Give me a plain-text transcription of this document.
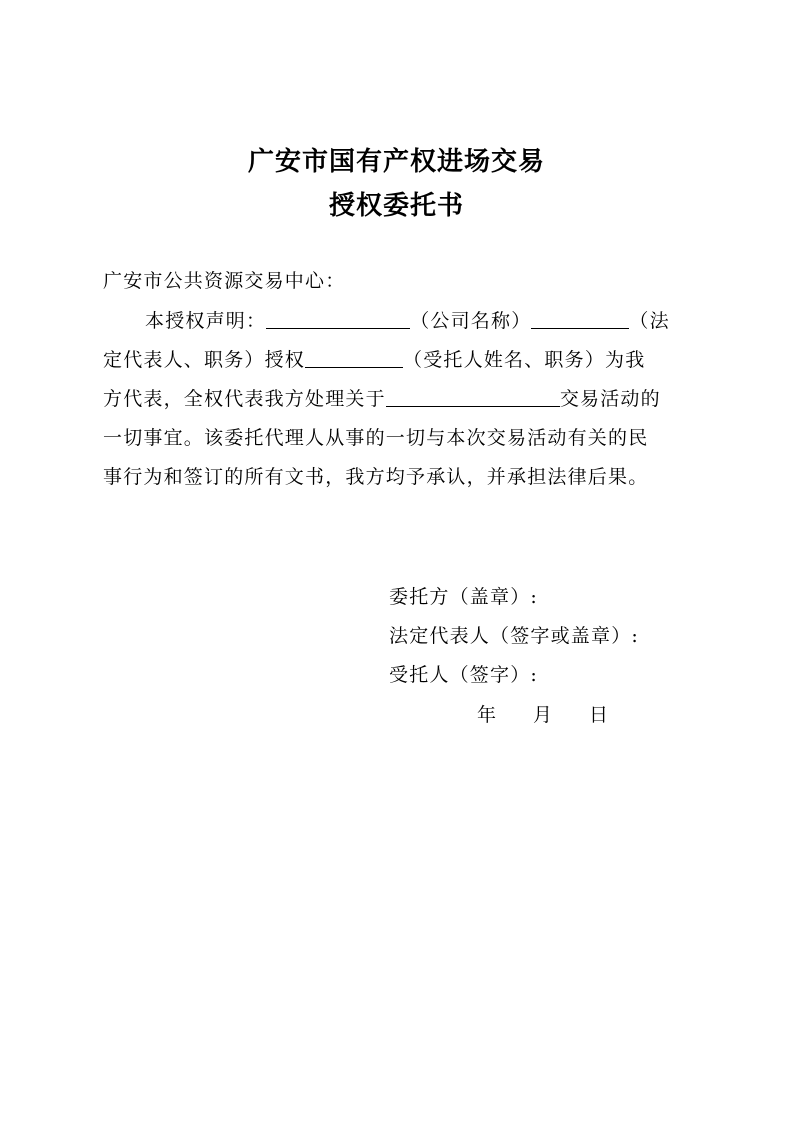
广安市国有产权进场交易
授权委托书
广安市公共资源交易中心：
本授权声明：	（公司名称）	（法
定代表人、职务）授权	（受托人姓名、职务）为我
方代表，全权代表我方处理关于	交易活动的
一切事宜。该委托代理人从事的一切与本次交易活动有关的民
事行为和签订的所有文书，我方均予承认，并承担法律后果。
委托方（盖章）:
法定代表人（签字或盖章）:
受托人（签字）:
年 月 日
